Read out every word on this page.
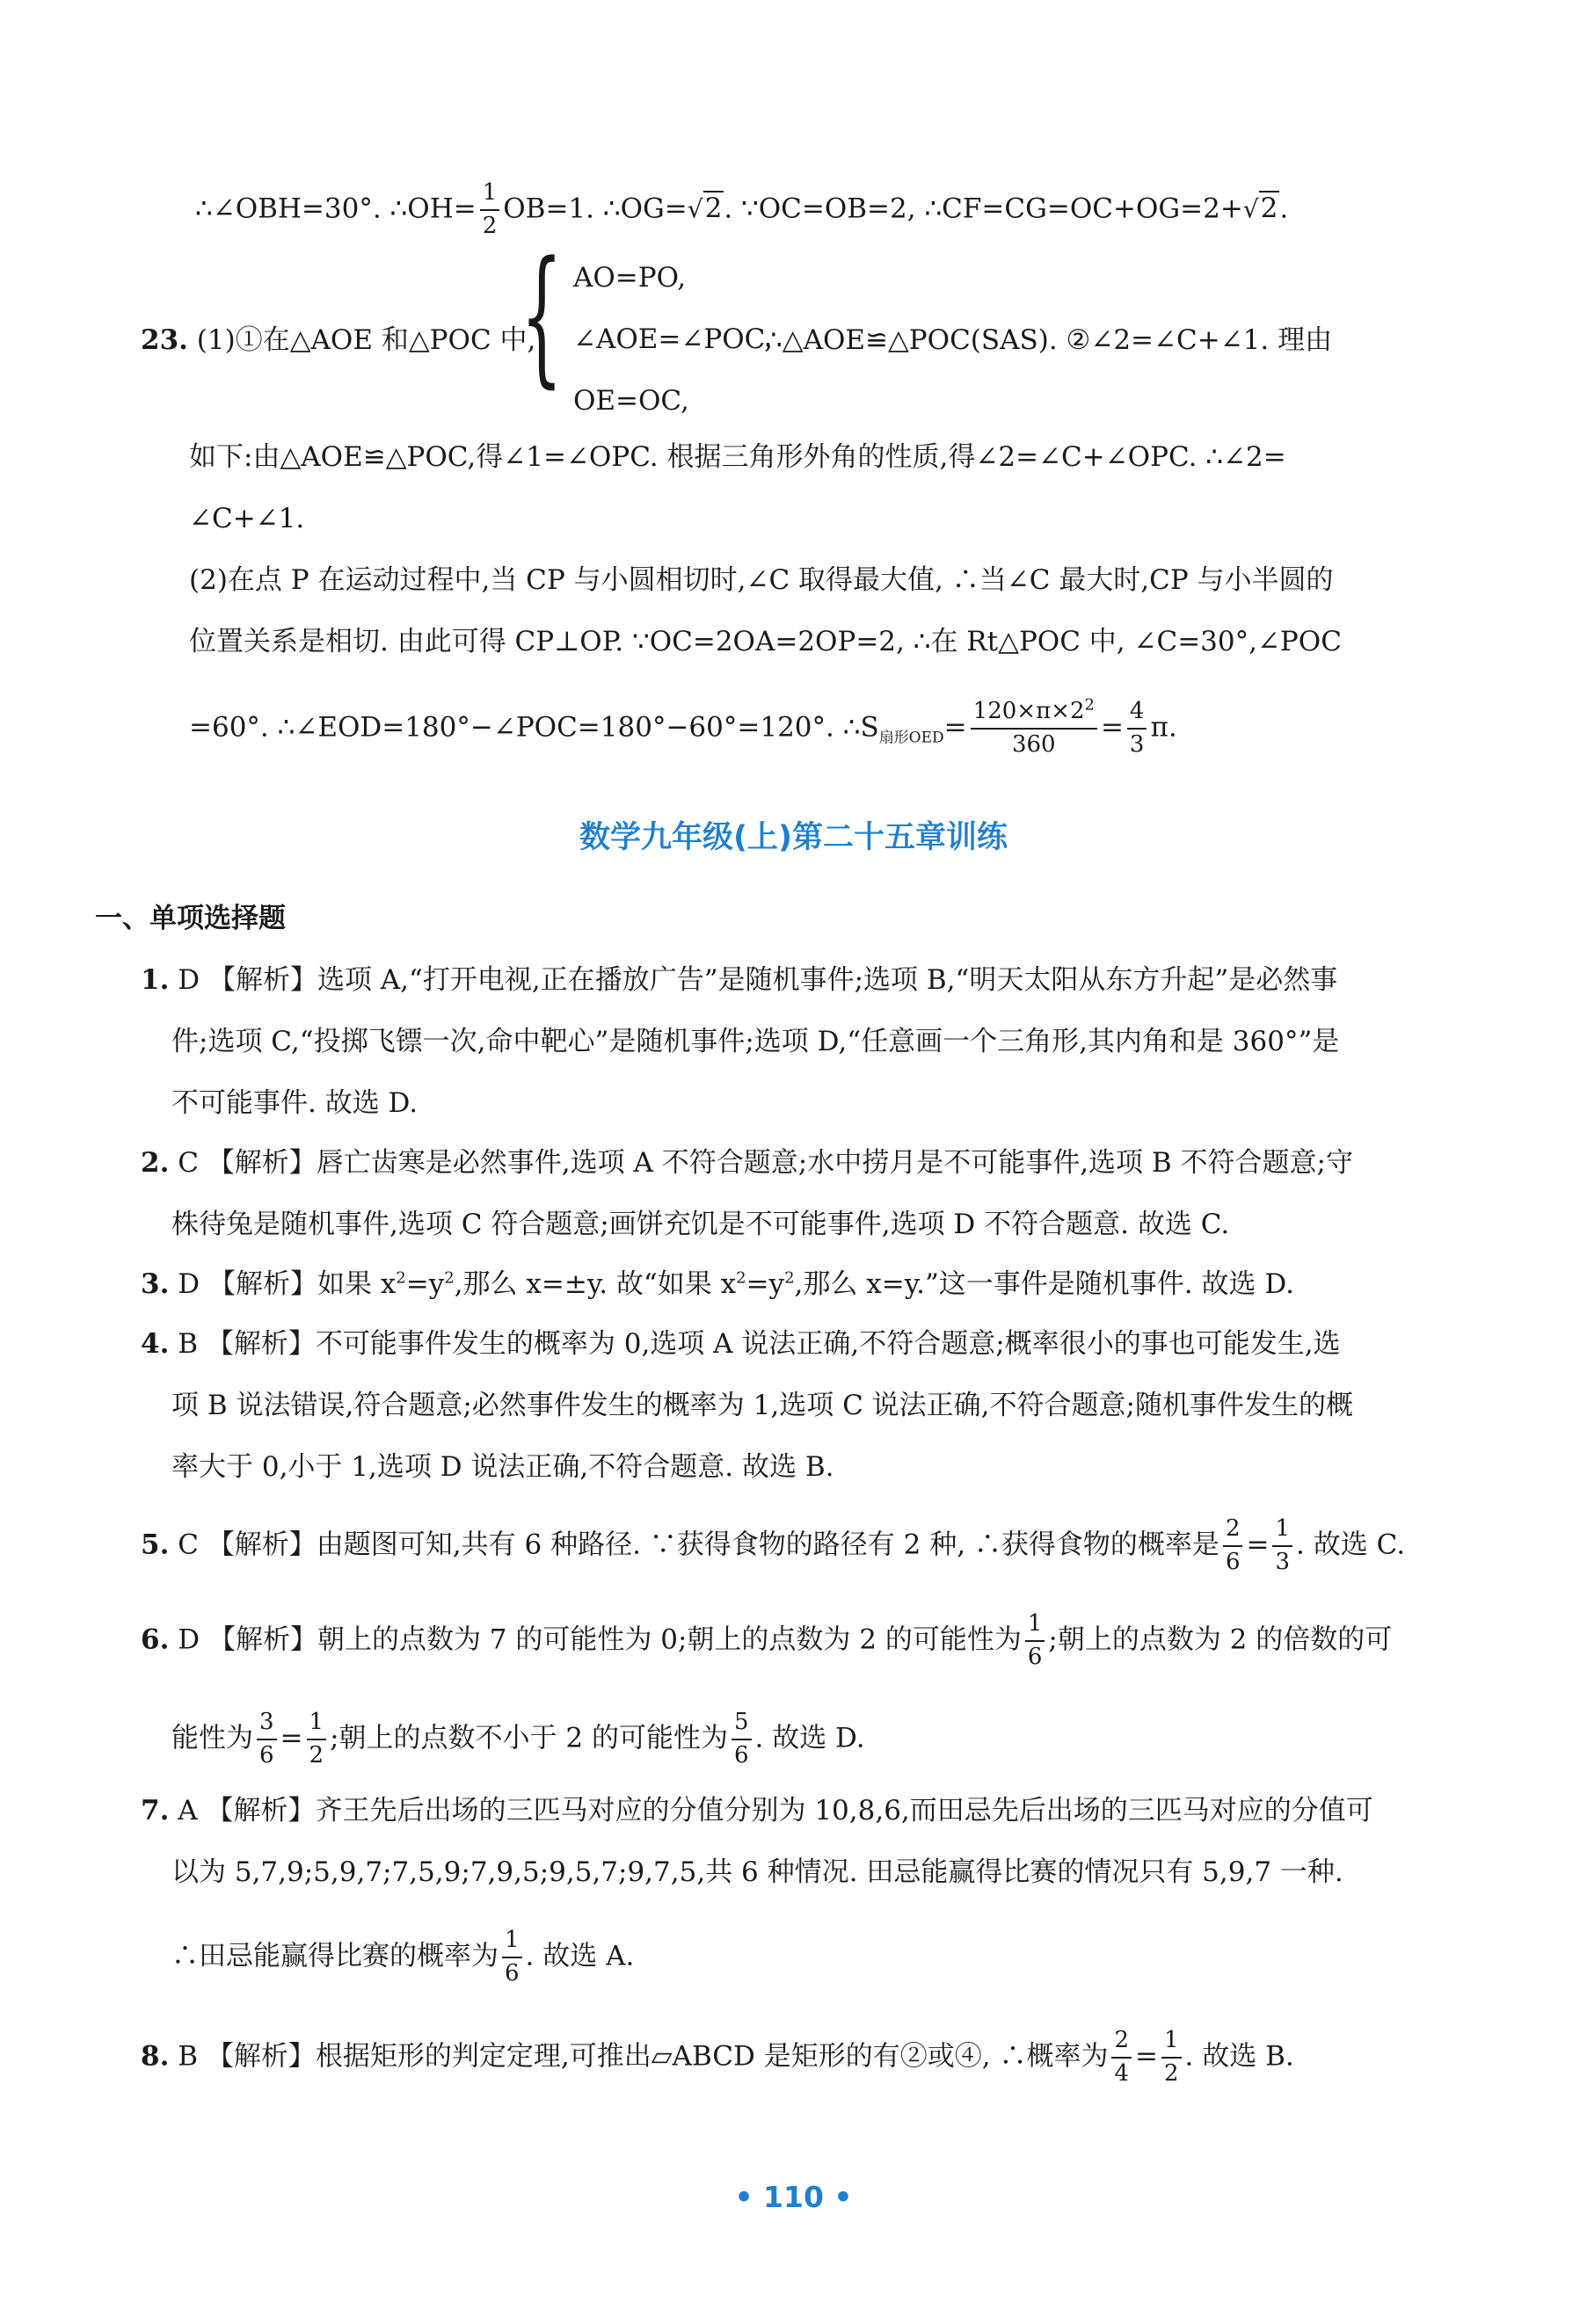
∴∠OBH=30°. ∴OH= $\frac{1}{2} OB=1$. ∴OG=√2. ∵OC=OB=2, ∴CF=CG=OC+OG=2+√2.
23. (1)①在△AOE 和△POC 中,
{ AO=PO,
∠AOE=∠POC,
OE=OC,
∴△AOE≌△POC(SAS). ②∠2=∠C+∠1. 理由
如下:由△AOE≌△POC,得∠1=∠OPC. 根据三角形外角的性质,得∠2=∠C+∠OPC. ∴∠2=
∠C+∠1.
(2)在点 P 在运动过程中,当 CP 与小圆相切时,∠C 取得最大值, ∴当∠C 最大时,CP 与小半圆的
位置关系是相切. 由此可得 CP⊥OP. ∵OC=2OA=2OP=2, ∴在 Rt△POC 中, ∠C=30°,∠POC
=60°. ∴∠EOD=180°−∠POC=180°−60°=120°. $\therefore S_{扇形OED}= \frac{120\times\pi\times 2^2}{360} = \frac{4}{3} \pi$.
数学九年级(上)第二十五章训练
一、单项选择题
1. D 【解析】选项 A,“打开电视,正在播放广告”是随机事件;选项 B,“明天太阳从东方升起”是必然事
件;选项 C,“投掷飞镖一次,命中靶心”是随机事件;选项 D,“任意画一个三角形,其内角和是 360°”是
不可能事件. 故选 D.
2. C 【解析】唇亡齿寒是必然事件,选项 A 不符合题意;水中捞月是不可能事件,选项 B 不符合题意;守
株待兔是随机事件,选项 C 符合题意;画饼充饥是不可能事件,选项 D 不符合题意. 故选 C.
3. D 【解析】如果 $x^2=y^2$,那么 x=±y. 故“如果 $x^2=y^2$,那么 x=y.”这一事件是随机事件. 故选 D.
4. B 【解析】不可能事件发生的概率为 0,选项 A 说法正确,不符合题意;概率很小的事也可能发生,选
项 B 说法错误,符合题意;必然事件发生的概率为 1,选项 C 说法正确,不符合题意;随机事件发生的概
率大于 0,小于 1,选项 D 说法正确,不符合题意. 故选 B.
5. C 【解析】由题图可知,共有 6 种路径. ∵获得食物的路径有 2 种, ∴获得食物的概率是 $\frac{2}{6} = \frac{1}{3}$ . 故选 C.
6. D 【解析】朝上的点数为 7 的可能性为 0;朝上的点数为 2 的可能性为 $\frac{1}{6}$ ;朝上的点数为 2 的倍数的可
能性为 $\frac{3}{6} = \frac{1}{2}$ ;朝上的点数不小于 2 的可能性为 $\frac{5}{6}$ . 故选 D.
7. A 【解析】齐王先后出场的三匹马对应的分值分别为 10,8,6,而田忌先后出场的三匹马对应的分值可
以为 5,7,9;5,9,7;7,5,9;7,9,5;9,5,7;9,7,5,共 6 种情况. 田忌能赢得比赛的情况只有 5,9,7 一种.
∴田忌能赢得比赛的概率为 $\frac{1}{6}$ . 故选 A.
8. B 【解析】根据矩形的判定定理,可推出▱ABCD 是矩形的有②或④, ∴概率为 $\frac{2}{4} = \frac{1}{2}$ . 故选 B.
• 110 •
